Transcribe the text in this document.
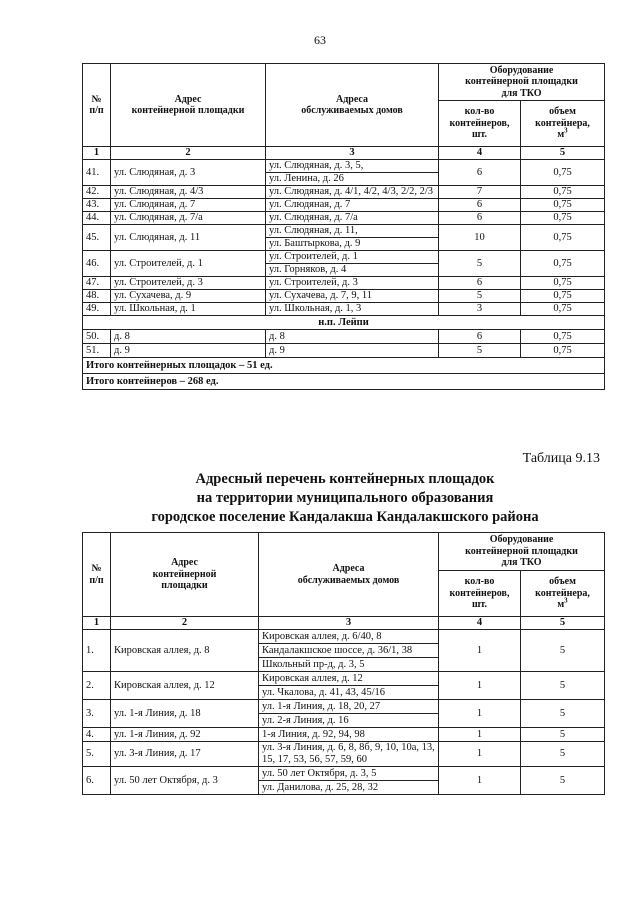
63
№
п/п	Адрес
контейнерной площадки	Адреса
обслуживаемых домов	Оборудование
контейнерной площадки
для ТКО	
			кол-во
контейнеров,
шт.	объем
контейнера,
$м^3$
1	2	3	4	5
41.	ул. Слюдяная, д. 3	ул. Слюдяная, д. 3, 5,	6	0,75
		ул. Ленина, д. 26		
42.	ул. Слюдяная, д. 4/3	ул. Слюдяная, д. 4/1, 4/2, 4/3, 2/2, 2/3	7	0,75
43.	ул. Слюдяная, д. 7	ул. Слюдяная, д. 7	6	0,75
44.	ул. Слюдяная, д. 7/а	ул. Слюдяная, д. 7/а	6	0,75
45.	ул. Слюдяная, д. 11	ул. Слюдяная, д. 11,	10	0,75
		ул. Баштыркова, д. 9		
46.	ул. Строителей, д. 1	ул. Строителей, д. 1	5	0,75
		ул. Горняков, д. 4		
47.	ул. Строителей, д. 3	ул. Строителей, д. 3	6	0,75
48.	ул. Сухачева, д. 9	ул. Сухачева, д. 7, 9, 11	5	0,75
49.	ул. Школьная, д. 1	ул. Школьная, д. 1, 3	3	0,75
н.п. Лейпи				
50.	д. 8	д. 8	6	0,75
51.	д. 9	д. 9	5	0,75
Итого контейнерных площадок – 51 ед.				
Итого контейнеров – 268 ед.				
Таблица 9.13
Адресный перечень контейнерных площадок
на территории муниципального образования
городское поселение Кандалакша Кандалакшского района
№
п/п	Адрес
контейнерной
площадки	Адреса
обслуживаемых домов	Оборудование
контейнерной площадки
для ТКО	
			кол-во
контейнеров,
шт.	объем
контейнера,
$м^3$
1	2	3	4	5
1.	Кировская аллея, д. 8	Кировская аллея, д. 6/40, 8	1	5
		Кандалакшское шоссе, д. 36/1, 38		
		Школьный пр-д, д. 3, 5		
2.	Кировская аллея, д. 12	Кировская аллея, д. 12	1	5
		ул. Чкалова, д. 41, 43, 45/16		
3.	ул. 1-я Линия, д. 18	ул. 1-я Линия, д. 18, 20, 27	1	5
		ул. 2-я Линия, д. 16		
4.	ул. 1-я Линия, д. 92	1-я Линия, д. 92, 94, 98	1	5
5.	ул. 3-я Линия, д. 17	ул. 3-я Линия, д. 6, 8, 8б, 9, 10, 10а, 13, 15, 17, 53, 56, 57, 59, 60	1	5
6.	ул. 50 лет Октября, д. 3	ул. 50 лет Октября, д. 3, 5	1	5
		ул. Данилова, д. 25, 28, 32		
